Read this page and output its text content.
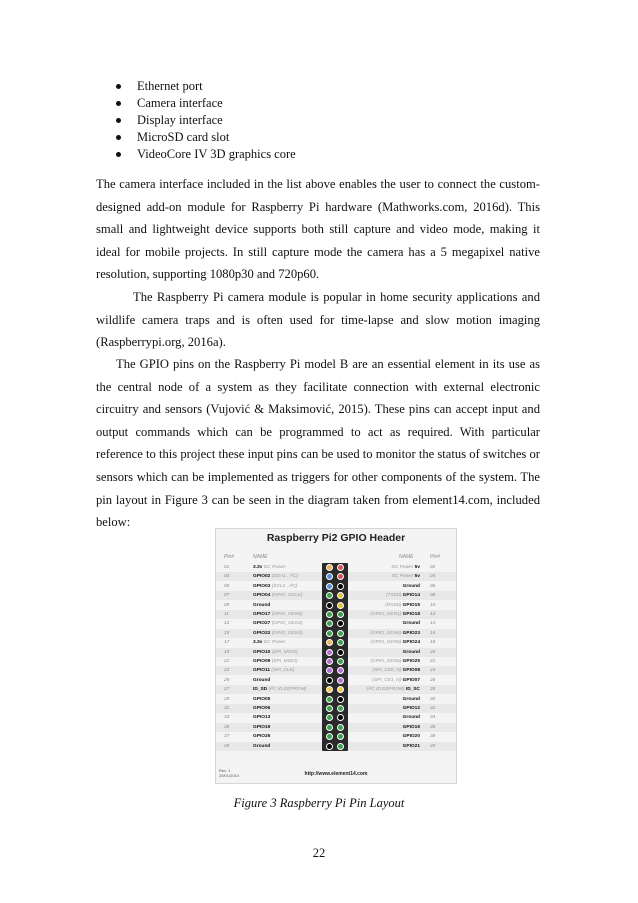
Ethernet port
Camera interface
Display interface
MicroSD card slot
VideoCore IV 3D graphics core

The camera interface included in the list above enables the user to connect the custom-designed add-on module for Raspberry Pi hardware (Mathworks.com, 2016d). This small and lightweight device supports both still capture and video mode, making it ideal for mobile projects. In still capture mode the camera has a 5 megapixel native resolution, supporting 1080p30 and 720p60.

The Raspberry Pi camera module is popular in home security applications and wildlife camera traps and is often used for time-lapse and slow motion imaging (Raspberrypi.org, 2016a).

The GPIO pins on the Raspberry Pi model B are an essential element in its use as the central node of a system as they facilitate connection with external electronic circuitry and sensors (Vujović & Maksimović, 2015). These pins can accept input and output commands which can be programmed to act as required. With particular reference to this project these input pins can be used to monitor the status of switches or sensors which can be implemented as triggers for other components of the system. The pin layout in Figure 3 can be seen in the diagram taken from element14.com, included below:

Raspberry Pi2 GPIO Header
Pin#	NAME	NAME	Pin#
01	3.3v DC Power	DC Power 5v 02
03	GPIO02 (SDA1 , I²C)	DC Power 5v 04
05	GPIO03 (SCL1 , I²C)	Ground 06
07	GPIO04 (GPIO_GCLK)	(TXD0) GPIO14 08
09	Ground	(RXD0) GPIO15 10
11	GPIO17 (GPIO_GEN0)	(GPIO_GEN1) GPIO18 12
13	GPIO27 (GPIO_GEN2)	Ground 14
15	GPIO22 (GPIO_GEN3)	(GPIO_GEN4) GPIO23 16
17	3.3v DC Power	(GPIO_GEN5) GPIO24 18
19	GPIO10 (SPI_MOSI)	Ground 20
21	GPIO09 (SPI_MISO)	(GPIO_GEN6) GPIO25 22
23	GPIO11 (SPI_CLK)	(SPI_CE0_N) GPIO08 24
25	Ground	(SPI_CE1_N) GPIO07 26
27	ID_SD (I²C ID EEPROM)	(I²C ID EEPROM) ID_SC 28
29	GPIO05	Ground 30
31	GPIO06	GPIO12 32
33	GPIO13	Ground 34
35	GPIO19	GPIO16 36
37	GPIO26	GPIO20 38
39	Ground	GPIO21 40
Rev. 1
29/01/2014	http://www.element14.com
Figure 3 Raspberry Pi Pin Layout
22
